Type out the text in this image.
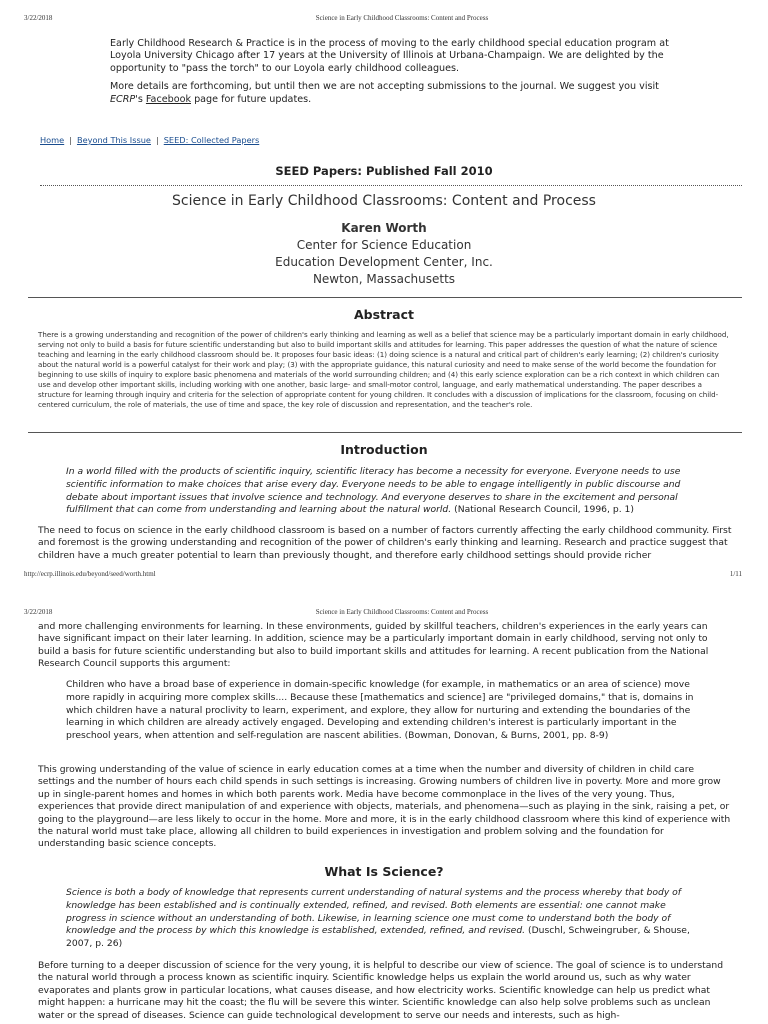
3/22/2018	Science in Early Childhood Classrooms: Content and Process

Early Childhood Research & Practice is in the process of moving to the early childhood special education program at Loyola University Chicago after 17 years at the University of Illinois at Urbana-Champaign. We are delighted by the opportunity to "pass the torch" to our Loyola early childhood colleagues.

More details are forthcoming, but until then we are not accepting submissions to the journal. We suggest you visit ECRP's Facebook page for future updates.

Home | Beyond This Issue | SEED: Collected Papers
SEED Papers: Published Fall 2010
Science in Early Childhood Classrooms: Content and Process
Karen Worth
Center for Science Education
Education Development Center, Inc.
Newton, Massachusetts
Abstract

There is a growing understanding and recognition of the power of children's early thinking and learning as well as a belief that science may be a particularly important domain in early childhood, serving not only to build a basis for future scientific understanding but also to build important skills and attitudes for learning. This paper addresses the question of what the nature of science teaching and learning in the early childhood classroom should be. It proposes four basic ideas: (1) doing science is a natural and critical part of children's early learning; (2) children's curiosity about the natural world is a powerful catalyst for their work and play; (3) with the appropriate guidance, this natural curiosity and need to make sense of the world become the foundation for beginning to use skills of inquiry to explore basic phenomena and materials of the world surrounding children; and (4) this early science exploration can be a rich context in which children can use and develop other important skills, including working with one another, basic large- and small-motor control, language, and early mathematical understanding. The paper describes a structure for learning through inquiry and criteria for the selection of appropriate content for young children. It concludes with a discussion of implications for the classroom, focusing on child-centered curriculum, the role of materials, the use of time and space, the key role of discussion and representation, and the teacher's role.

Introduction

In a world filled with the products of scientific inquiry, scientific literacy has become a necessity for everyone. Everyone needs to use scientific information to make choices that arise every day. Everyone needs to be able to engage intelligently in public discourse and debate about important issues that involve science and technology. And everyone deserves to share in the excitement and personal fulfillment that can come from understanding and learning about the natural world. (National Research Council, 1996, p. 1)

The need to focus on science in the early childhood classroom is based on a number of factors currently affecting the early childhood community. First and foremost is the growing understanding and recognition of the power of children's early thinking and learning. Research and practice suggest that children have a much greater potential to learn than previously thought, and therefore early childhood settings should provide richer

http://ecrp.illinois.edu/beyond/seed/worth.html	1/11
3/22/2018	Science in Early Childhood Classrooms: Content and Process

and more challenging environments for learning. In these environments, guided by skillful teachers, children's experiences in the early years can have significant impact on their later learning. In addition, science may be a particularly important domain in early childhood, serving not only to build a basis for future scientific understanding but also to build important skills and attitudes for learning. A recent publication from the National Research Council supports this argument:

Children who have a broad base of experience in domain-specific knowledge (for example, in mathematics or an area of science) move more rapidly in acquiring more complex skills.... Because these [mathematics and science] are "privileged domains," that is, domains in which children have a natural proclivity to learn, experiment, and explore, they allow for nurturing and extending the boundaries of the learning in which children are already actively engaged. Developing and extending children's interest is particularly important in the preschool years, when attention and self-regulation are nascent abilities. (Bowman, Donovan, & Burns, 2001, pp. 8-9)

This growing understanding of the value of science in early education comes at a time when the number and diversity of children in child care settings and the number of hours each child spends in such settings is increasing. Growing numbers of children live in poverty. More and more grow up in single-parent homes and homes in which both parents work. Media have become commonplace in the lives of the very young. Thus, experiences that provide direct manipulation of and experience with objects, materials, and phenomena—such as playing in the sink, raising a pet, or going to the playground—are less likely to occur in the home. More and more, it is in the early childhood classroom where this kind of experience with the natural world must take place, allowing all children to build experiences in investigation and problem solving and the foundation for understanding basic science concepts.

What Is Science?

Science is both a body of knowledge that represents current understanding of natural systems and the process whereby that body of knowledge has been established and is continually extended, refined, and revised. Both elements are essential: one cannot make progress in science without an understanding of both. Likewise, in learning science one must come to understand both the body of knowledge and the process by which this knowledge is established, extended, refined, and revised. (Duschl, Schweingruber, & Shouse, 2007, p. 26)

Before turning to a deeper discussion of science for the very young, it is helpful to describe our view of science. The goal of science is to understand the natural world through a process known as scientific inquiry. Scientific knowledge helps us explain the world around us, such as why water evaporates and plants grow in particular locations, what causes disease, and how electricity works. Scientific knowledge can help us predict what might happen: a hurricane may hit the coast; the flu will be severe this winter. Scientific knowledge can also help solve problems such as unclean water or the spread of diseases. Science can guide technological development to serve our needs and interests, such as high-
